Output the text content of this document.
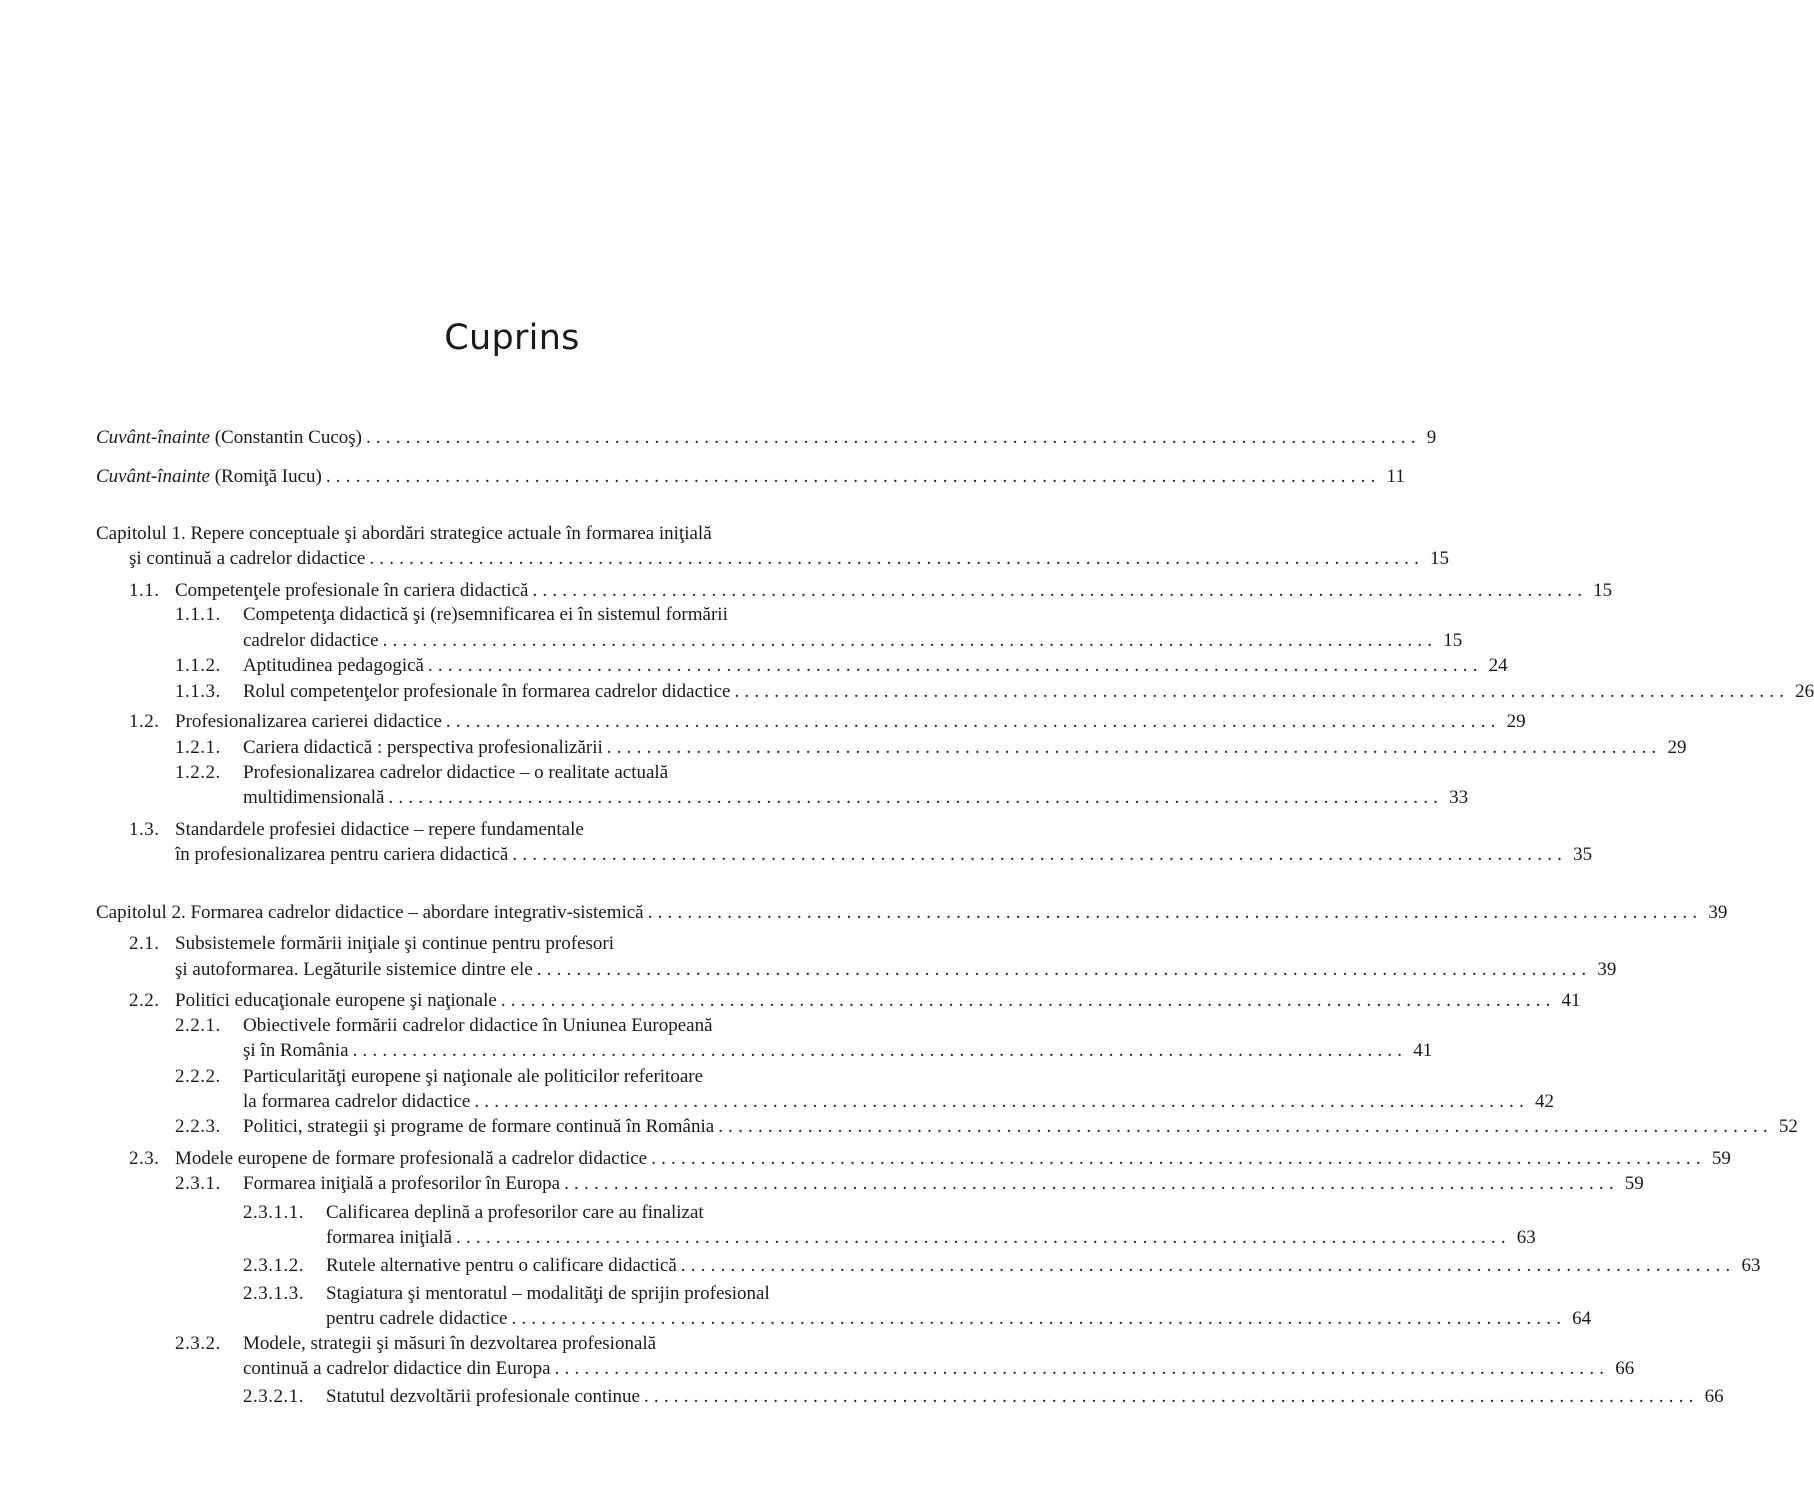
Cuprins
Cuvânt-înainte (Constantin Cucoş) .......................................................................................................... 9
Cuvânt-înainte (Romiţă Iucu) .......................................................................................................... 11
Capitolul 1. Repere conceptuale şi abordări strategice actuale în formarea iniţială
şi continuă a cadrelor didactice .......................................................................................................... 15
1.1. Competenţele profesionale în cariera didactică .......................................................................................................... 15
1.1.1.	Competenţa didactică şi (re)semnificarea ei în sistemul formării
cadrelor didactice .......................................................................................................... 15
1.1.2.	Aptitudinea pedagogică .......................................................................................................... 24
1.1.3.	Rolul competenţelor profesionale în formarea cadrelor didactice .......................................................................................................... 26
1.2. Profesionalizarea carierei didactice .......................................................................................................... 29
1.2.1.	Cariera didactică : perspectiva profesionalizării .......................................................................................................... 29
1.2.2.	Profesionalizarea cadrelor didactice – o realitate actuală
multidimensională .......................................................................................................... 33
1.3. Standardele profesiei didactice – repere fundamentale
în profesionalizarea pentru cariera didactică .......................................................................................................... 35
Capitolul 2. Formarea cadrelor didactice – abordare integrativ-sistemică .......................................................................................................... 39
2.1. Subsistemele formării iniţiale şi continue pentru profesori
şi autoformarea. Legăturile sistemice dintre ele .......................................................................................................... 39
2.2. Politici educaţionale europene şi naţionale .......................................................................................................... 41
2.2.1.	Obiectivele formării cadrelor didactice în Uniunea Europeană
şi în România .......................................................................................................... 41
2.2.2.	Particularităţi europene şi naţionale ale politicilor referitoare
la formarea cadrelor didactice .......................................................................................................... 42
2.2.3.	Politici, strategii şi programe de formare continuă în România .......................................................................................................... 52
2.3. Modele europene de formare profesională a cadrelor didactice .......................................................................................................... 59
2.3.1.	Formarea iniţială a profesorilor în Europa .......................................................................................................... 59
2.3.1.1.	Calificarea deplină a profesorilor care au finalizat
formarea iniţială .......................................................................................................... 63
2.3.1.2.	Rutele alternative pentru o calificare didactică .......................................................................................................... 63
2.3.1.3.	Stagiatura şi mentoratul – modalităţi de sprijin profesional
pentru cadrele didactice .......................................................................................................... 64
2.3.2.	Modele, strategii şi măsuri în dezvoltarea profesională
continuă a cadrelor didactice din Europa .......................................................................................................... 66
2.3.2.1.	Statutul dezvoltării profesionale continue .......................................................................................................... 66
